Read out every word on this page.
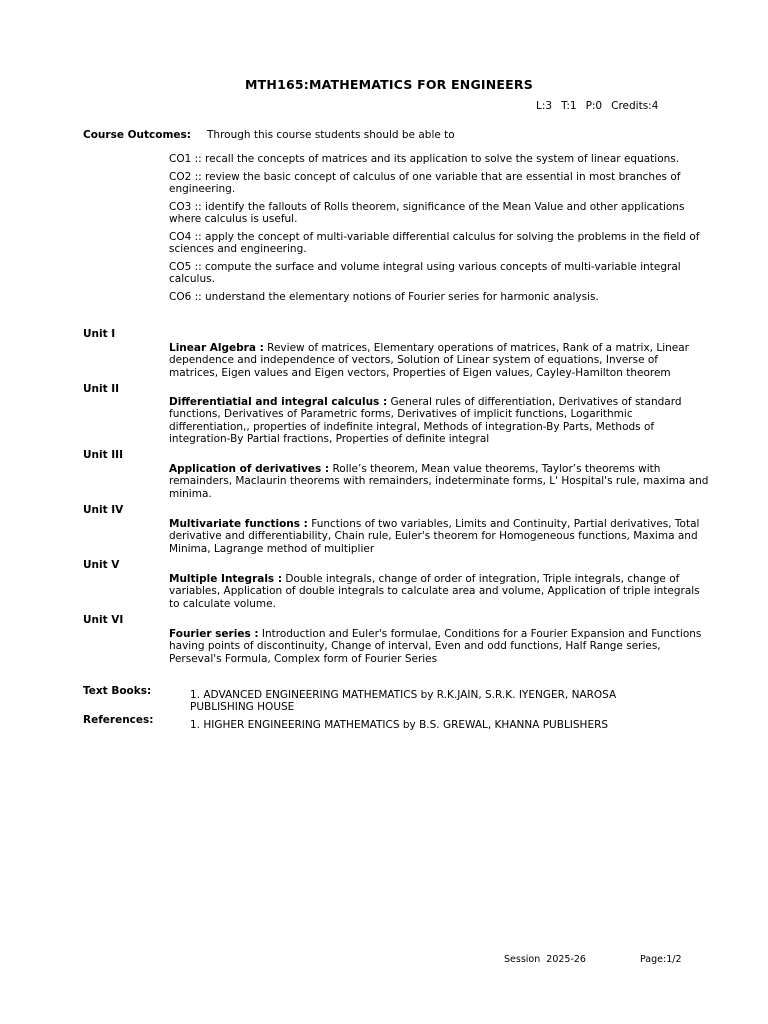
MTH165:MATHEMATICS FOR ENGINEERS
L:3 T:1 P:0 Credits:4
Course Outcomes: Through this course students should be able to
CO1 :: recall the concepts of matrices and its application to solve the system of linear equations.
CO2 :: review the basic concept of calculus of one variable that are essential in most branches of engineering.
CO3 :: identify the fallouts of Rolls theorem, significance of the Mean Value and other applications where calculus is useful.
CO4 :: apply the concept of multi-variable differential calculus for solving the problems in the field of sciences and engineering.
CO5 :: compute the surface and volume integral using various concepts of multi-variable integral calculus.
CO6 :: understand the elementary notions of Fourier series for harmonic analysis.
Unit I
Linear Algebra : Review of matrices, Elementary operations of matrices, Rank of a matrix, Linear dependence and independence of vectors, Solution of Linear system of equations, Inverse of matrices, Eigen values and Eigen vectors, Properties of Eigen values, Cayley-Hamilton theorem
Unit II
Differentiatial and integral calculus : General rules of differentiation, Derivatives of standard functions, Derivatives of Parametric forms, Derivatives of implicit functions, Logarithmic differentiation,, properties of indefinite integral, Methods of integration-By Parts, Methods of integration-By Partial fractions, Properties of definite integral
Unit III
Application of derivatives : Rolle’s theorem, Mean value theorems, Taylor’s theorems with remainders, Maclaurin theorems with remainders, indeterminate forms, L' Hospital's rule, maxima and minima.
Unit IV
Multivariate functions : Functions of two variables, Limits and Continuity, Partial derivatives, Total derivative and differentiability, Chain rule, Euler's theorem for Homogeneous functions, Maxima and Minima, Lagrange method of multiplier
Unit V
Multiple Integrals : Double integrals, change of order of integration, Triple integrals, change of variables, Application of double integrals to calculate area and volume, Application of triple integrals to calculate volume.
Unit VI
Fourier series : Introduction and Euler's formulae, Conditions for a Fourier Expansion and Functions having points of discontinuity, Change of interval, Even and odd functions, Half Range series, Perseval's Formula, Complex form of Fourier Series
Text Books:	1. ADVANCED ENGINEERING MATHEMATICS by R.K.JAIN, S.R.K. IYENGER, NAROSA PUBLISHING HOUSE
References:	1. HIGHER ENGINEERING MATHEMATICS by B.S. GREWAL, KHANNA PUBLISHERS
Session  2025-26	Page:1/2
